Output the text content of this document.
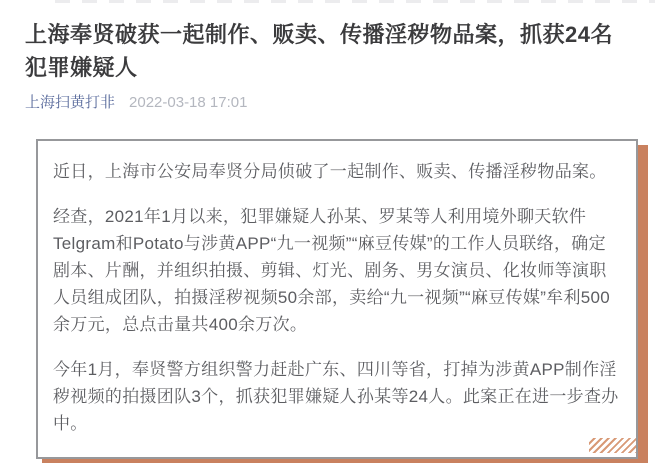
上海奉贤破获一起制作、贩卖、传播淫秽物品案，抓获24名犯罪嫌疑人
上海扫黄打非 2022-03-18 17:01

近日，上海市公安局奉贤分局侦破了一起制作、贩卖、传播淫秽物品案。

经查，2021年1月以来，犯罪嫌疑人孙某、罗某等人利用境外聊天软件Telgram和Potato与涉黄APP“九一视频”“麻豆传媒”的工作人员联络，确定剧本、片酬，并组织拍摄、剪辑、灯光、剧务、男女演员、化妆师等演职人员组成团队，拍摄淫秽视频50余部，卖给“九一视频”“麻豆传媒”牟利500余万元，总点击量共400余万次。

今年1月，奉贤警方组织警力赶赴广东、四川等省，打掉为涉黄APP制作淫秽视频的拍摄团队3个，抓获犯罪嫌疑人孙某等24人。此案正在进一步查办中。
